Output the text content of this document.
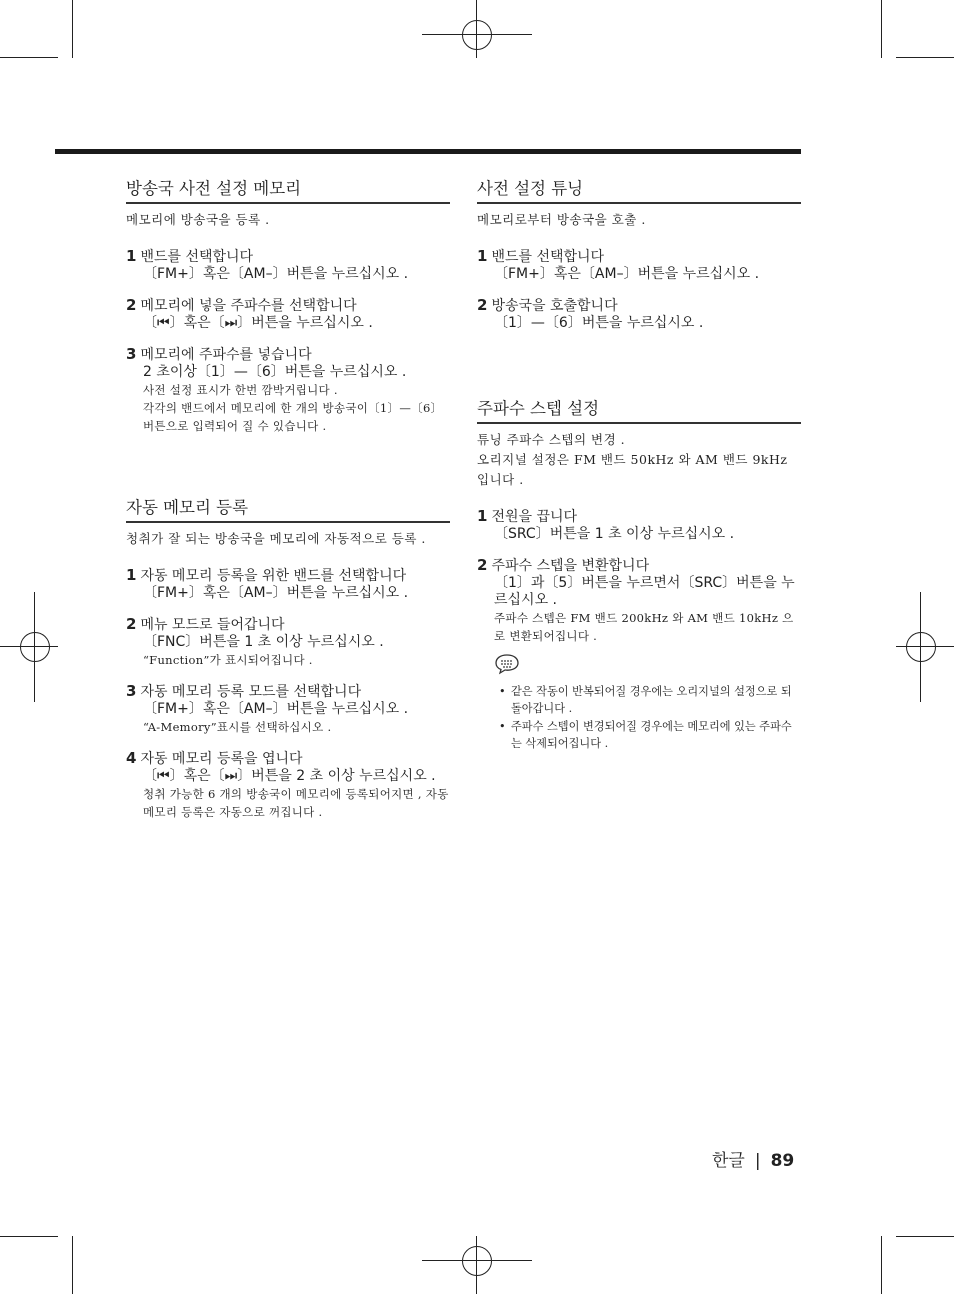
방송국 사전 설정 메모리

메모리에 방송국을 등록 .

1 밴드를 선택합니다
〔FM+〕혹은〔AM–〕버튼을 누르십시오 .
2 메모리에 넣을 주파수를 선택합니다
〔⏮〕혹은〔⏭〕버튼을 누르십시오 .
3 메모리에 주파수를 넣습니다
2 초이상〔1〕—〔6〕버튼을 누르십시오 .
사전 설정 표시가 한번 깜박거립니다 .
각각의 밴드에서 메모리에 한 개의 방송국이〔1〕—〔6〕버튼으로 입력되어 질 수 있습니다 .
자동 메모리 등록

청취가 잘 되는 방송국을 메모리에 자동적으로 등록 .

1 자동 메모리 등록을 위한 밴드를 선택합니다
〔FM+〕혹은〔AM–〕버튼을 누르십시오 .
2 메뉴 모드로 들어갑니다
〔FNC〕버튼을 1 초 이상 누르십시오 .
“Function”가 표시되어집니다 .
3 자동 메모리 등록 모드를 선택합니다
〔FM+〕혹은〔AM–〕버튼을 누르십시오 .
“A-Memory”표시를 선택하십시오 .
4 자동 메모리 등록을 엽니다
〔⏮〕혹은〔⏭〕버튼을 2 초 이상 누르십시오 .
청취 가능한 6 개의 방송국이 메모리에 등록되어지면 , 자동 메모리 등록은 자동으로 꺼집니다 .
사전 설정 튜닝

메모리로부터 방송국을 호출 .

1 밴드를 선택합니다
〔FM+〕혹은〔AM–〕버튼을 누르십시오 .
2 방송국을 호출합니다
〔1〕—〔6〕버튼을 누르십시오 .
주파수 스텝 설정

튜닝 주파수 스텝의 변경 .

오리지널 설정은 FM 밴드 50kHz 와 AM 밴드 9kHz 입니다 .

1 전원을 끕니다
〔SRC〕버튼을 1 초 이상 누르십시오 .
2 주파수 스텝을 변환합니다
〔1〕과〔5〕버튼을 누르면서〔SRC〕버튼을 누르십시오 .
주파수 스텝은 FM 밴드 200kHz 와 AM 밴드 10kHz 으로 변환되어집니다 .
• 같은 작동이 반복되어질 경우에는 오리지널의 설정으로 되돌아갑니다 .
• 주파수 스텝이 변경되어질 경우에는 메모리에 있는 주파수는 삭제되어집니다 .
한글 | 89
